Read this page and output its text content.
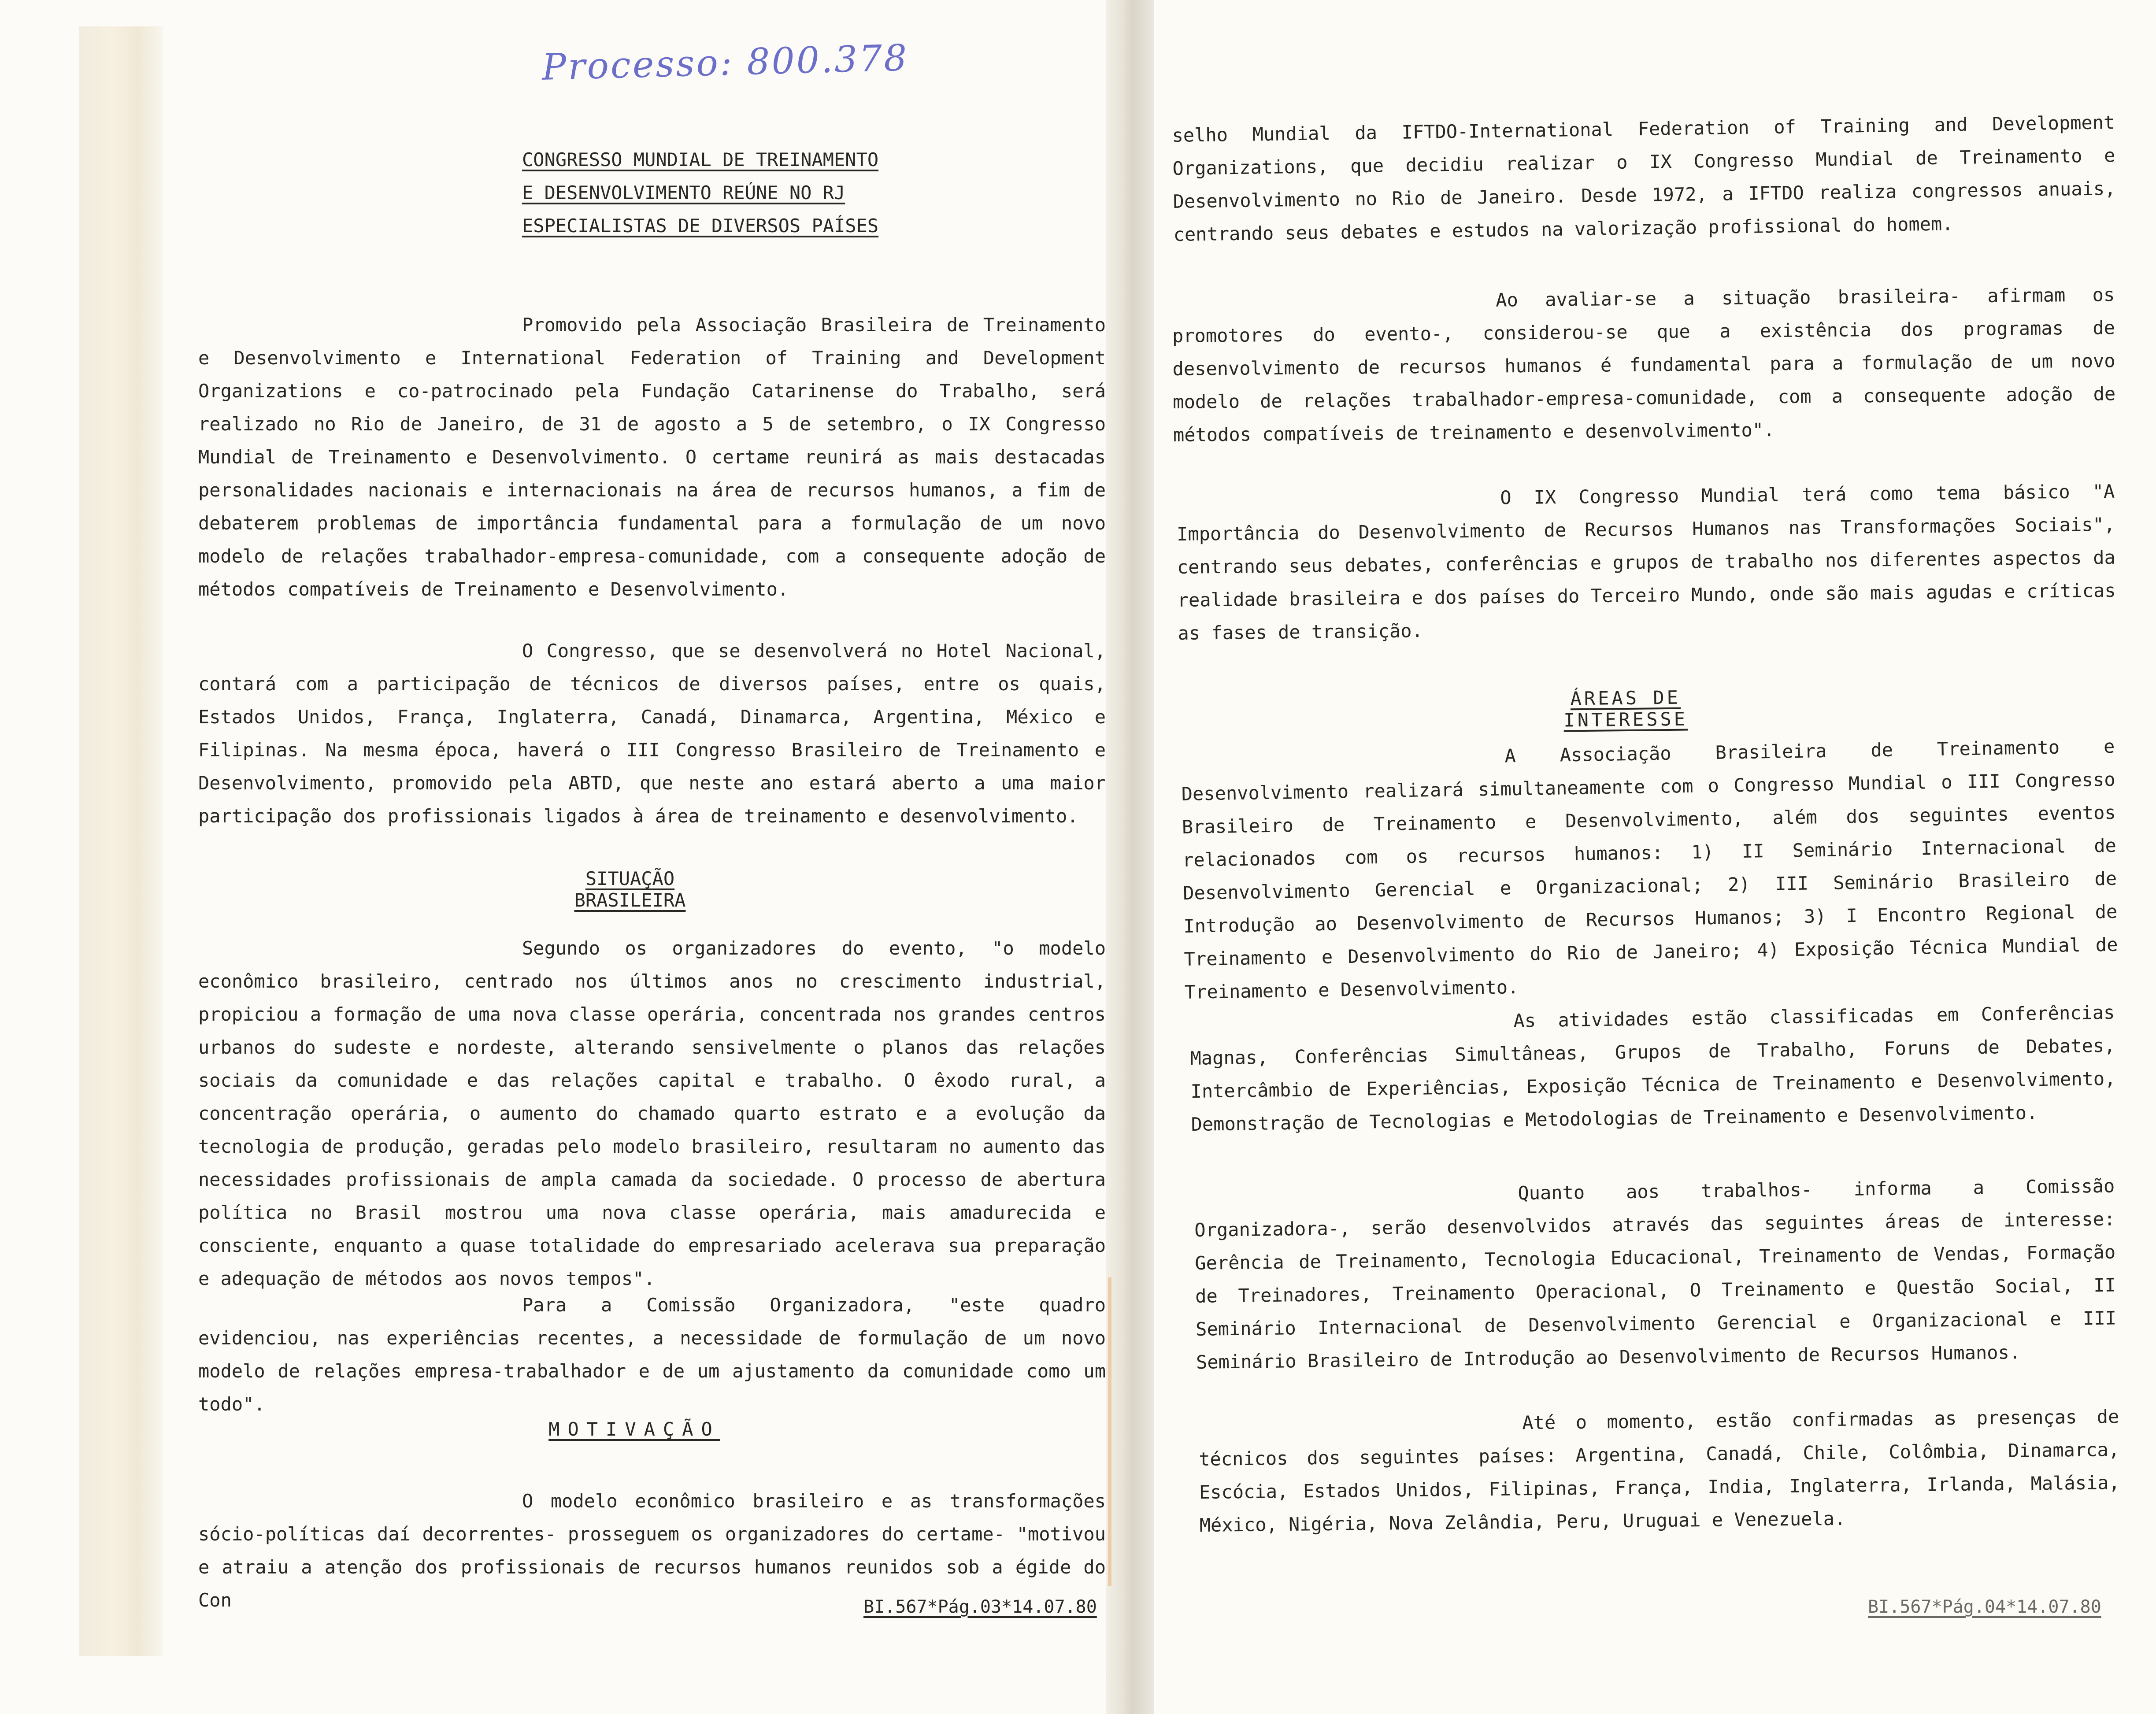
Processo: 800.378
CONGRESSO MUNDIAL DE TREINAMENTO
E DESENVOLVIMENTO REÚNE NO RJ
ESPECIALISTAS DE DIVERSOS PAÍSES

Promovido pela Associação Brasileira de Treinamento e Desenvolvimento e International Federation of Training and Development Organizations e co-patrocinado pela Fundação Catarinense do Trabalho, será realizado no Rio de Janeiro, de 31 de agosto a 5 de setembro, o IX Congresso Mundial de Treinamento e Desenvolvimento. O certame reunirá as mais destacadas personalidades nacionais e internacionais na área de recursos humanos, a fim de debaterem problemas de importância fundamental para a formulação de um novo modelo de relações trabalhador-empresa-comunidade, com a consequente adoção de métodos compatíveis de Treinamento e Desenvolvimento.

O Congresso, que se desenvolverá no Hotel Nacional, contará com a participação de técnicos de diversos países, entre os quais, Estados Unidos, França, Inglaterra, Canadá, Dinamarca, Argentina, México e Filipinas. Na mesma época, haverá o III Congresso Brasileiro de Treinamento e Desenvolvimento, promovido pela ABTD, que neste ano estará aberto a uma maior participação dos profissionais ligados à área de treinamento e desenvolvimento.

SITUAÇÃO BRASILEIRA

Segundo os organizadores do evento, "o modelo econômico brasileiro, centrado nos últimos anos no crescimento industrial, propiciou a formação de uma nova classe operária, concentrada nos grandes centros urbanos do sudeste e nordeste, alterando sensivelmente o planos das relações sociais da comunidade e das relações capital e trabalho. O êxodo rural, a concentração operária, o aumento do chamado quarto estrato e a evolução da tecnologia de produção, geradas pelo modelo brasileiro, resultaram no aumento das necessidades profissionais de ampla camada da sociedade. O processo de abertura política no Brasil mostrou uma nova classe operária, mais amadurecida e consciente, enquanto a quase totalidade do empresariado acelerava sua preparação e adequação de métodos aos novos tempos".

Para a Comissão Organizadora, "este quadro evidenciou, nas experiências recentes, a necessidade de formulação de um novo modelo de relações empresa-trabalhador e de um ajustamento da comunidade como um todo".

MOTIVAÇÃO

O modelo econômico brasileiro e as transformações sócio-políticas daí decorrentes- prosseguem os organizadores do certame- "motivou e atraiu a atenção dos profissionais de recursos humanos reunidos sob a égide do Con	BI.567*Pág.03*14.07.80

selho Mundial da IFTDO-International Federation of Training and Development Organizations, que decidiu realizar o IX Congresso Mundial de Treinamento e Desenvolvimento no Rio de Janeiro. Desde 1972, a IFTDO realiza congressos anuais, centrando seus debates e estudos na valorização profissional do homem.

Ao avaliar-se a situação brasileira- afirmam os promotores do evento-, considerou-se que a existência dos programas de desenvolvimento de recursos humanos é fundamental para a formulação de um novo modelo de relações trabalhador-empresa-comunidade, com a consequente adoção de métodos compatíveis de treinamento e desenvolvimento".

O IX Congresso Mundial terá como tema básico "A Importância do Desenvolvimento de Recursos Humanos nas Transformações Sociais", centrando seus debates, conferências e grupos de trabalho nos diferentes aspectos da realidade brasileira e dos países do Terceiro Mundo, onde são mais agudas e críticas as fases de transição.

ÁREAS DE INTERESSE

A Associação Brasileira de Treinamento e Desenvolvimento realizará simultaneamente com o Congresso Mundial o III Congresso Brasileiro de Treinamento e Desenvolvimento, além dos seguintes eventos relacionados com os recursos humanos: 1) II Seminário Internacional de Desenvolvimento Gerencial e Organizacional; 2) III Seminário Brasileiro de Introdução ao Desenvolvimento de Recursos Humanos; 3) I Encontro Regional de Treinamento e Desenvolvimento do Rio de Janeiro; 4) Exposição Técnica Mundial de Treinamento e Desenvolvimento.

As atividades estão classificadas em Conferências Magnas, Conferências Simultâneas, Grupos de Trabalho, Foruns de Debates, Intercâmbio de Experiências, Exposição Técnica de Treinamento e Desenvolvimento, Demonstração de Tecnologias e Metodologias de Treinamento e Desenvolvimento.

Quanto aos trabalhos- informa a Comissão Organizadora-, serão desenvolvidos através das seguintes áreas de interesse: Gerência de Treinamento, Tecnologia Educacional, Treinamento de Vendas, Formação de Treinadores, Treinamento Operacional, O Treinamento e Questão Social, II Seminário Internacional de Desenvolvimento Gerencial e Organizacional e III Seminário Brasileiro de Introdução ao Desenvolvimento de Recursos Humanos.

Até o momento, estão confirmadas as presenças de técnicos dos seguintes países: Argentina, Canadá, Chile, Colômbia, Dinamarca, Escócia, Estados Unidos, Filipinas, França, India, Inglaterra, Irlanda, Malásia, México, Nigéria, Nova Zelândia, Peru, Uruguai e Venezuela.

BI.567*Pág.04*14.07.80
